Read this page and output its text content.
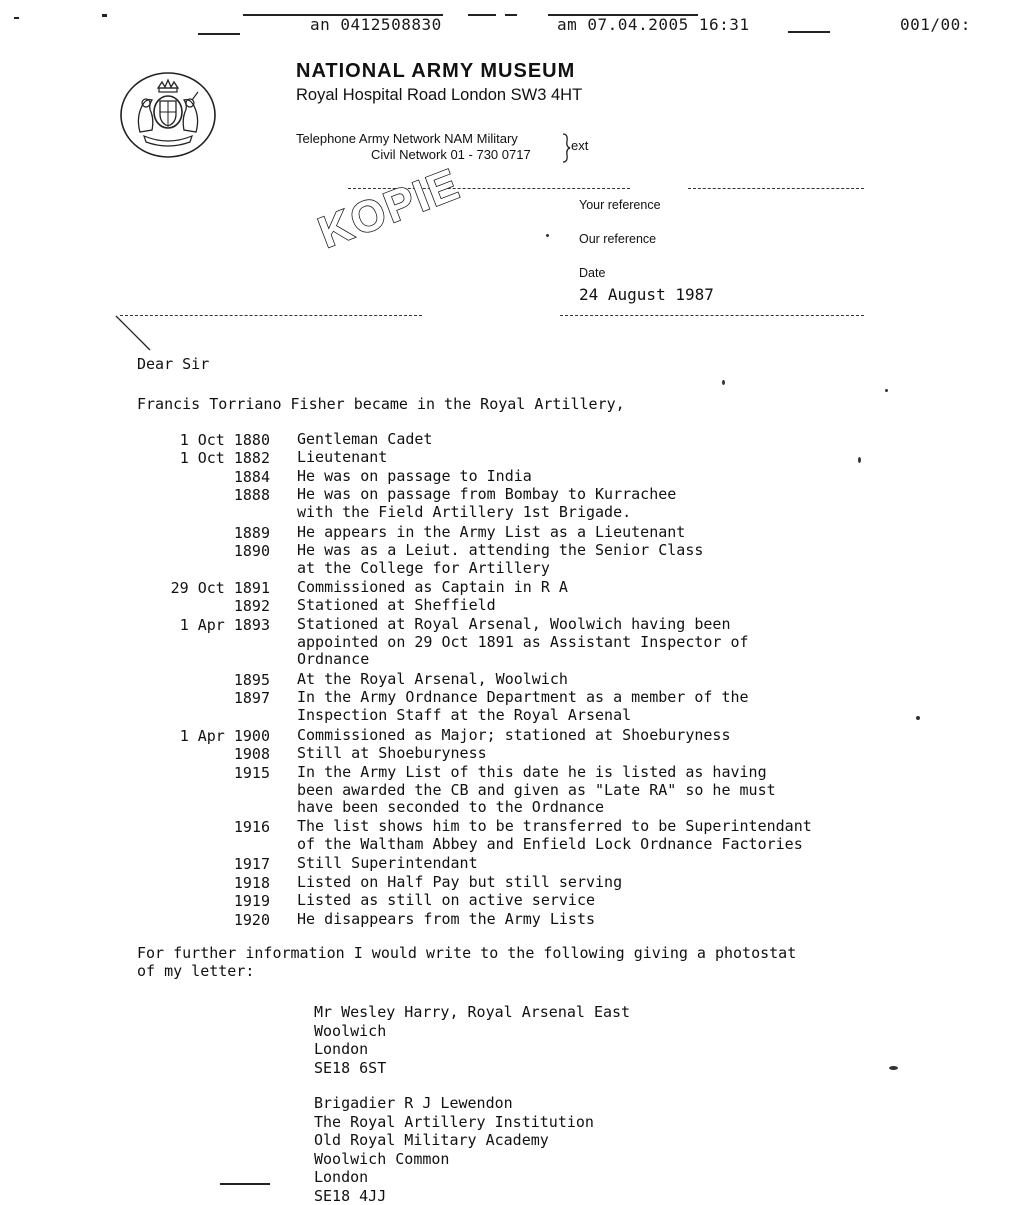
an 0412508830	am 07.04.2005 16:31	001/00:
NATIONAL ARMY MUSEUM
Royal Hospital Road London SW3 4HT
Telephone Army Network NAM Military
Civil Network 01 - 730 0717
ext
KOPIE	Your reference
Our reference
Date
24 August 1987
Dear Sir
Francis Torriano Fisher became in the Royal Artillery,
1 Oct 1880 Gentleman Cadet
1 Oct 1882 Lieutenant
1884 He was on passage to India
1888 He was on passage from Bombay to Kurrachee
with the Field Artillery 1st Brigade.
1889 He appears in the Army List as a Lieutenant
1890 He was as a Leiut. attending the Senior Class
at the College for Artillery
29 Oct 1891 Commissioned as Captain in R A
1892 Stationed at Sheffield
1 Apr 1893 Stationed at Royal Arsenal, Woolwich having been
appointed on 29 Oct 1891 as Assistant Inspector of
Ordnance
1895 At the Royal Arsenal, Woolwich
1897 In the Army Ordnance Department as a member of the
Inspection Staff at the Royal Arsenal
1 Apr 1900 Commissioned as Major; stationed at Shoeburyness
1908 Still at Shoeburyness
1915 In the Army List of this date he is listed as having
been awarded the CB and given as "Late RA" so he must
have been seconded to the Ordnance
1916 The list shows him to be transferred to be Superintendant
of the Waltham Abbey and Enfield Lock Ordnance Factories
1917 Still Superintendant
1918 Listed on Half Pay but still serving
1919 Listed as still on active service
1920 He disappears from the Army Lists
For further information I would write to the following giving a photostat
of my letter:
Mr Wesley Harry, Royal Arsenal East
Woolwich
London
SE18 6ST
Brigadier R J Lewendon
The Royal Artillery Institution
Old Royal Military Academy
Woolwich Common
London
SE18 4JJ
